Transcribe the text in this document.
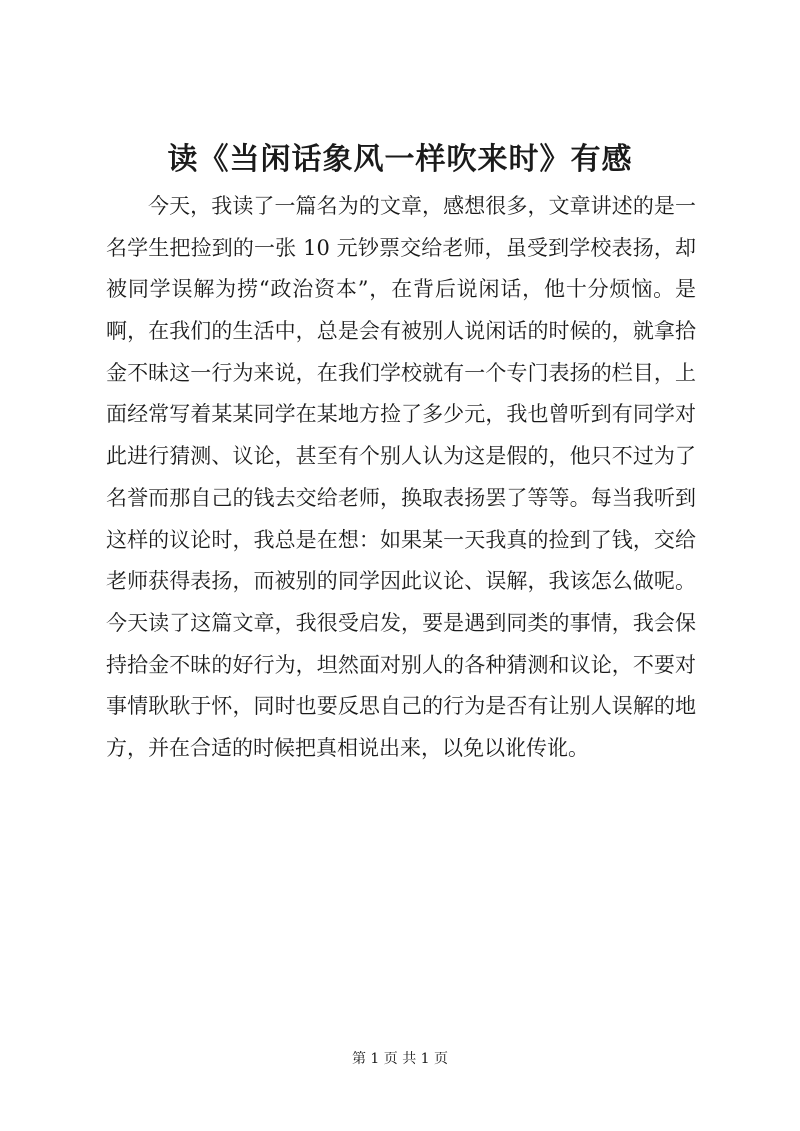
读《当闲话象风一样吹来时》有感
今天，我读了一篇名为的文章，感想很多，文章讲述的是一
名学生把捡到的一张 10 元钞票交给老师，虽受到学校表扬，却
被同学误解为捞“政治资本”，在背后说闲话，他十分烦恼。是
啊，在我们的生活中，总是会有被别人说闲话的时候的，就拿拾
金不昧这一行为来说，在我们学校就有一个专门表扬的栏目，上
面经常写着某某同学在某地方捡了多少元，我也曾听到有同学对
此进行猜测、议论，甚至有个别人认为这是假的，他只不过为了
名誉而那自己的钱去交给老师，换取表扬罢了等等。每当我听到
这样的议论时，我总是在想：如果某一天我真的捡到了钱，交给
老师获得表扬，而被别的同学因此议论、误解，我该怎么做呢。
今天读了这篇文章，我很受启发，要是遇到同类的事情，我会保
持拾金不昧的好行为，坦然面对别人的各种猜测和议论，不要对
事情耿耿于怀，同时也要反思自己的行为是否有让别人误解的地
方，并在合适的时候把真相说出来，以免以讹传讹。
第 1 页 共 1 页
